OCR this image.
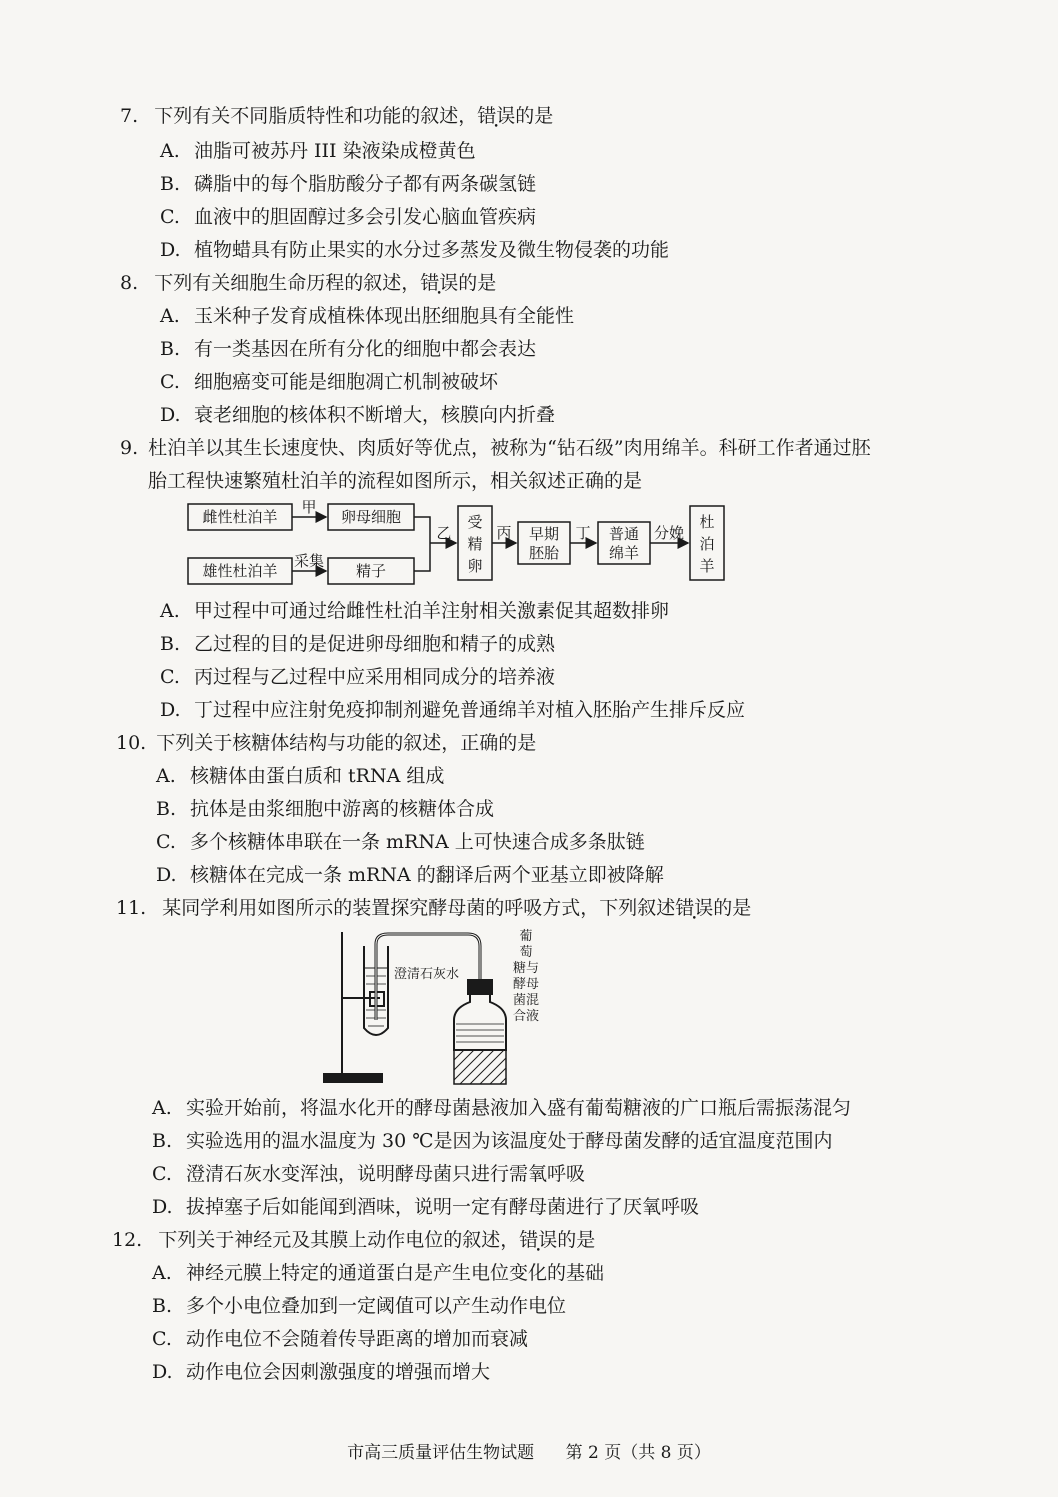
7. 下列有关不同脂质特性和功能的叙述，错误的是
A. 油脂可被苏丹 III 染液染成橙黄色
B. 磷脂中的每个脂肪酸分子都有两条碳氢链
C. 血液中的胆固醇过多会引发心脑血管疾病
D. 植物蜡具有防止果实的水分过多蒸发及微生物侵袭的功能
8. 下列有关细胞生命历程的叙述，错误的是
A. 玉米种子发育成植株体现出胚细胞具有全能性
B. 有一类基因在所有分化的细胞中都会表达
C. 细胞癌变可能是细胞凋亡机制被破坏
D. 衰老细胞的核体积不断增大，核膜向内折叠
9. 杜泊羊以其生长速度快、肉质好等优点，被称为“钻石级”肉用绵羊。科研工作者通过胚
胎工程快速繁殖杜泊羊的流程如图所示，相关叙述正确的是
雌性杜泊羊
甲
卵母细胞
雄性杜泊羊
采集
精子
乙
受
精
卵
丙 早期
胚胎
丁 普通
绵羊
分娩
杜
泊
羊
A. 甲过程中可通过给雌性杜泊羊注射相关激素促其超数排卵
B. 乙过程的目的是促进卵母细胞和精子的成熟
C. 丙过程与乙过程中应采用相同成分的培养液
D. 丁过程中应注射免疫抑制剂避免普通绵羊对植入胚胎产生排斥反应
10. 下列关于核糖体结构与功能的叙述，正确的是
A. 核糖体由蛋白质和 tRNA 组成
B. 抗体是由浆细胞中游离的核糖体合成
C. 多个核糖体串联在一条 mRNA 上可快速合成多条肽链
D. 核糖体在完成一条 mRNA 的翻译后两个亚基立即被降解
11. 某同学利用如图所示的装置探究酵母菌的呼吸方式，下列叙述错误的是
澄清石灰水
葡
萄
糖与
酵母
菌混
合液
A. 实验开始前，将温水化开的酵母菌悬液加入盛有葡萄糖液的广口瓶后需振荡混匀
B. 实验选用的温水温度为 30 ℃是因为该温度处于酵母菌发酵的适宜温度范围内
C. 澄清石灰水变浑浊，说明酵母菌只进行需氧呼吸
D. 拔掉塞子后如能闻到酒味，说明一定有酵母菌进行了厌氧呼吸
12. 下列关于神经元及其膜上动作电位的叙述，错误的是
A. 神经元膜上特定的通道蛋白是产生电位变化的基础
B. 多个小电位叠加到一定阈值可以产生动作电位
C. 动作电位不会随着传导距离的增加而衰减
D. 动作电位会因刺激强度的增强而增大
市高三质量评估生物试题 第 2 页（共 8 页）
